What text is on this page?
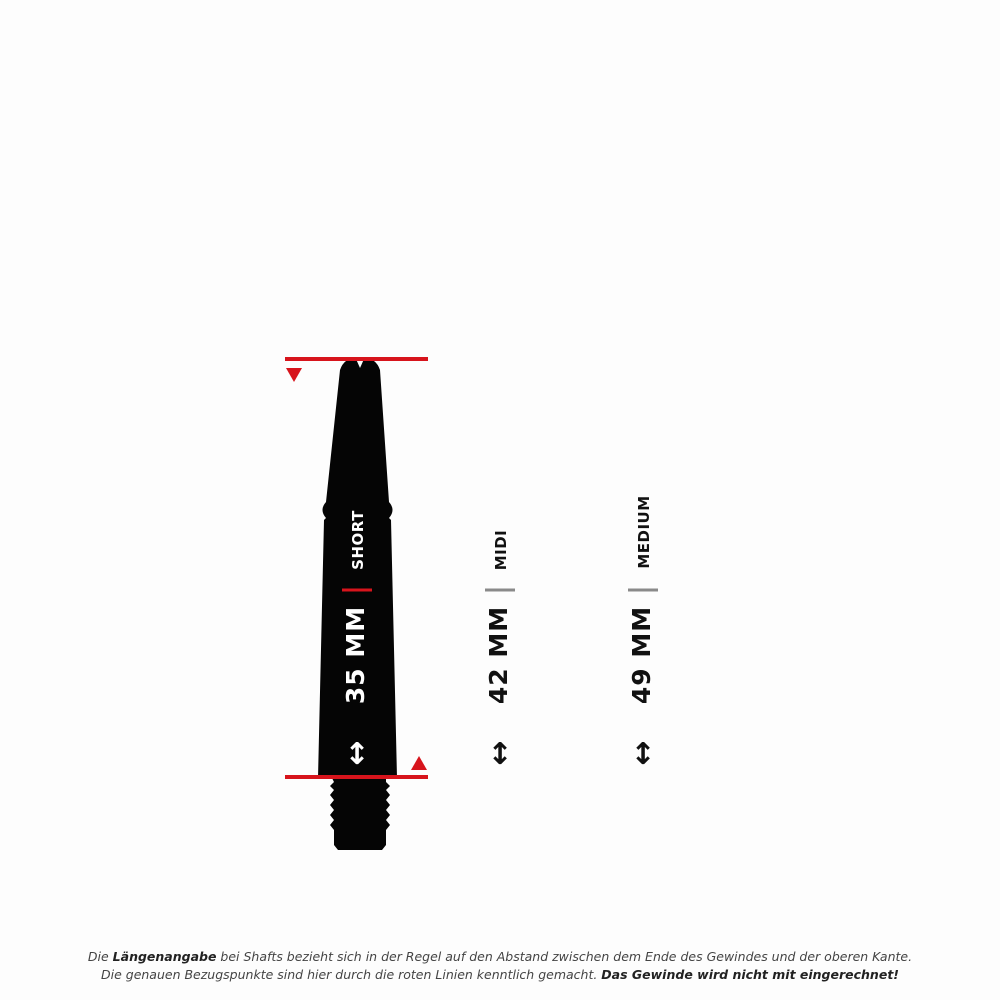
SHORT
35 MM
↕
MIDI
42 MM
↕
MEDIUM
49 MM
↕
Die Längenangabe bei Shafts bezieht sich in der Regel auf den Abstand zwischen dem Ende des Gewindes und der oberen Kante.
Die genauen Bezugspunkte sind hier durch die roten Linien kenntlich gemacht. Das Gewinde wird nicht mit eingerechnet!
